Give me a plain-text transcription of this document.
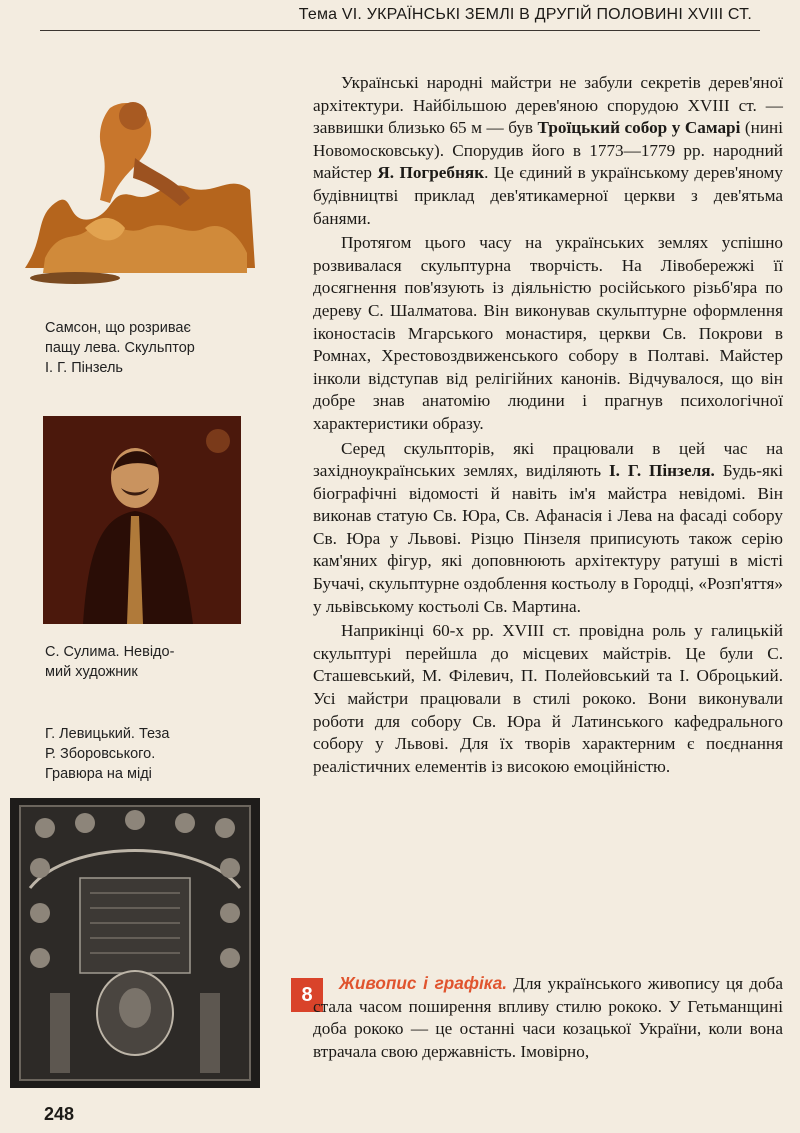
Тема VI. УКРАЇНСЬКІ ЗЕМЛІ В ДРУГІЙ ПОЛОВИНІ XVIII СТ.
Самсон, що розриває
пащу лева. Скульптор
І. Г. Пінзель
С. Сулима. Невідо-
мий художник
Г. Левицький. Теза
Р. Зборовського.
Гравюра на міді

Українські народні майстри не забули секретів дерев'яної архітектури. Найбільшою дерев'яною спорудою XVIII ст. — заввишки близько 65 м — був Троїцький собор у Самарі (нині Новомосковську). Спорудив його в 1773—1779 рр. народний майстер Я. Погребняк. Це єдиний в українському дерев'яному будівництві приклад дев'ятикамерної церкви з дев'ятьма банями.

Протягом цього часу на українських землях успішно розвивалася скульптурна творчість. На Лівобережжі її досягнення пов'язують із діяльністю російського різьб'яра по дереву С. Шалматова. Він виконував скульптурне оформлення іконостасів Мгарського монастиря, церкви Св. Покрови в Ромнах, Хрестовоздвиженського собору в Полтаві. Майстер інколи відступав від релігійних канонів. Відчувалося, що він добре знав анатомію людини і прагнув психологічної характеристики образу.

Серед скульпторів, які працювали в цей час на західноукраїнських землях, виділяють І. Г. Пінзеля. Будь-які біографічні відомості й навіть ім'я майстра невідомі. Він виконав статую Св. Юра, Св. Афанасія і Лева на фасаді собору Св. Юра у Львові. Різцю Пінзеля приписують також серію кам'яних фігур, які доповнюють архітектуру ратуші в місті Бучачі, скульптурне оздоблення костьолу в Городці, «Розп'яття» у львівському костьолі Св. Мартина.

Наприкінці 60-х рр. XVIII ст. провідна роль у галицькій скульптурі перейшла до місцевих майстрів. Це були С. Сташевський, М. Філевич, П. Полейовський та І. Оброцький. Усі майстри працювали в стилі рококо. Вони виконували роботи для собору Св. Юра й Латинського кафедрального собору у Львові. Для їх творів характерним є поєднання реалістичних елементів із високою емоційністю.

8
Живопис і графіка. Для українського живопису ця доба стала часом поширення впливу стилю рококо. У Гетьманщині доба рококо — це останні часи козацької України, коли вона втрачала свою державність. Імовірно,
248
